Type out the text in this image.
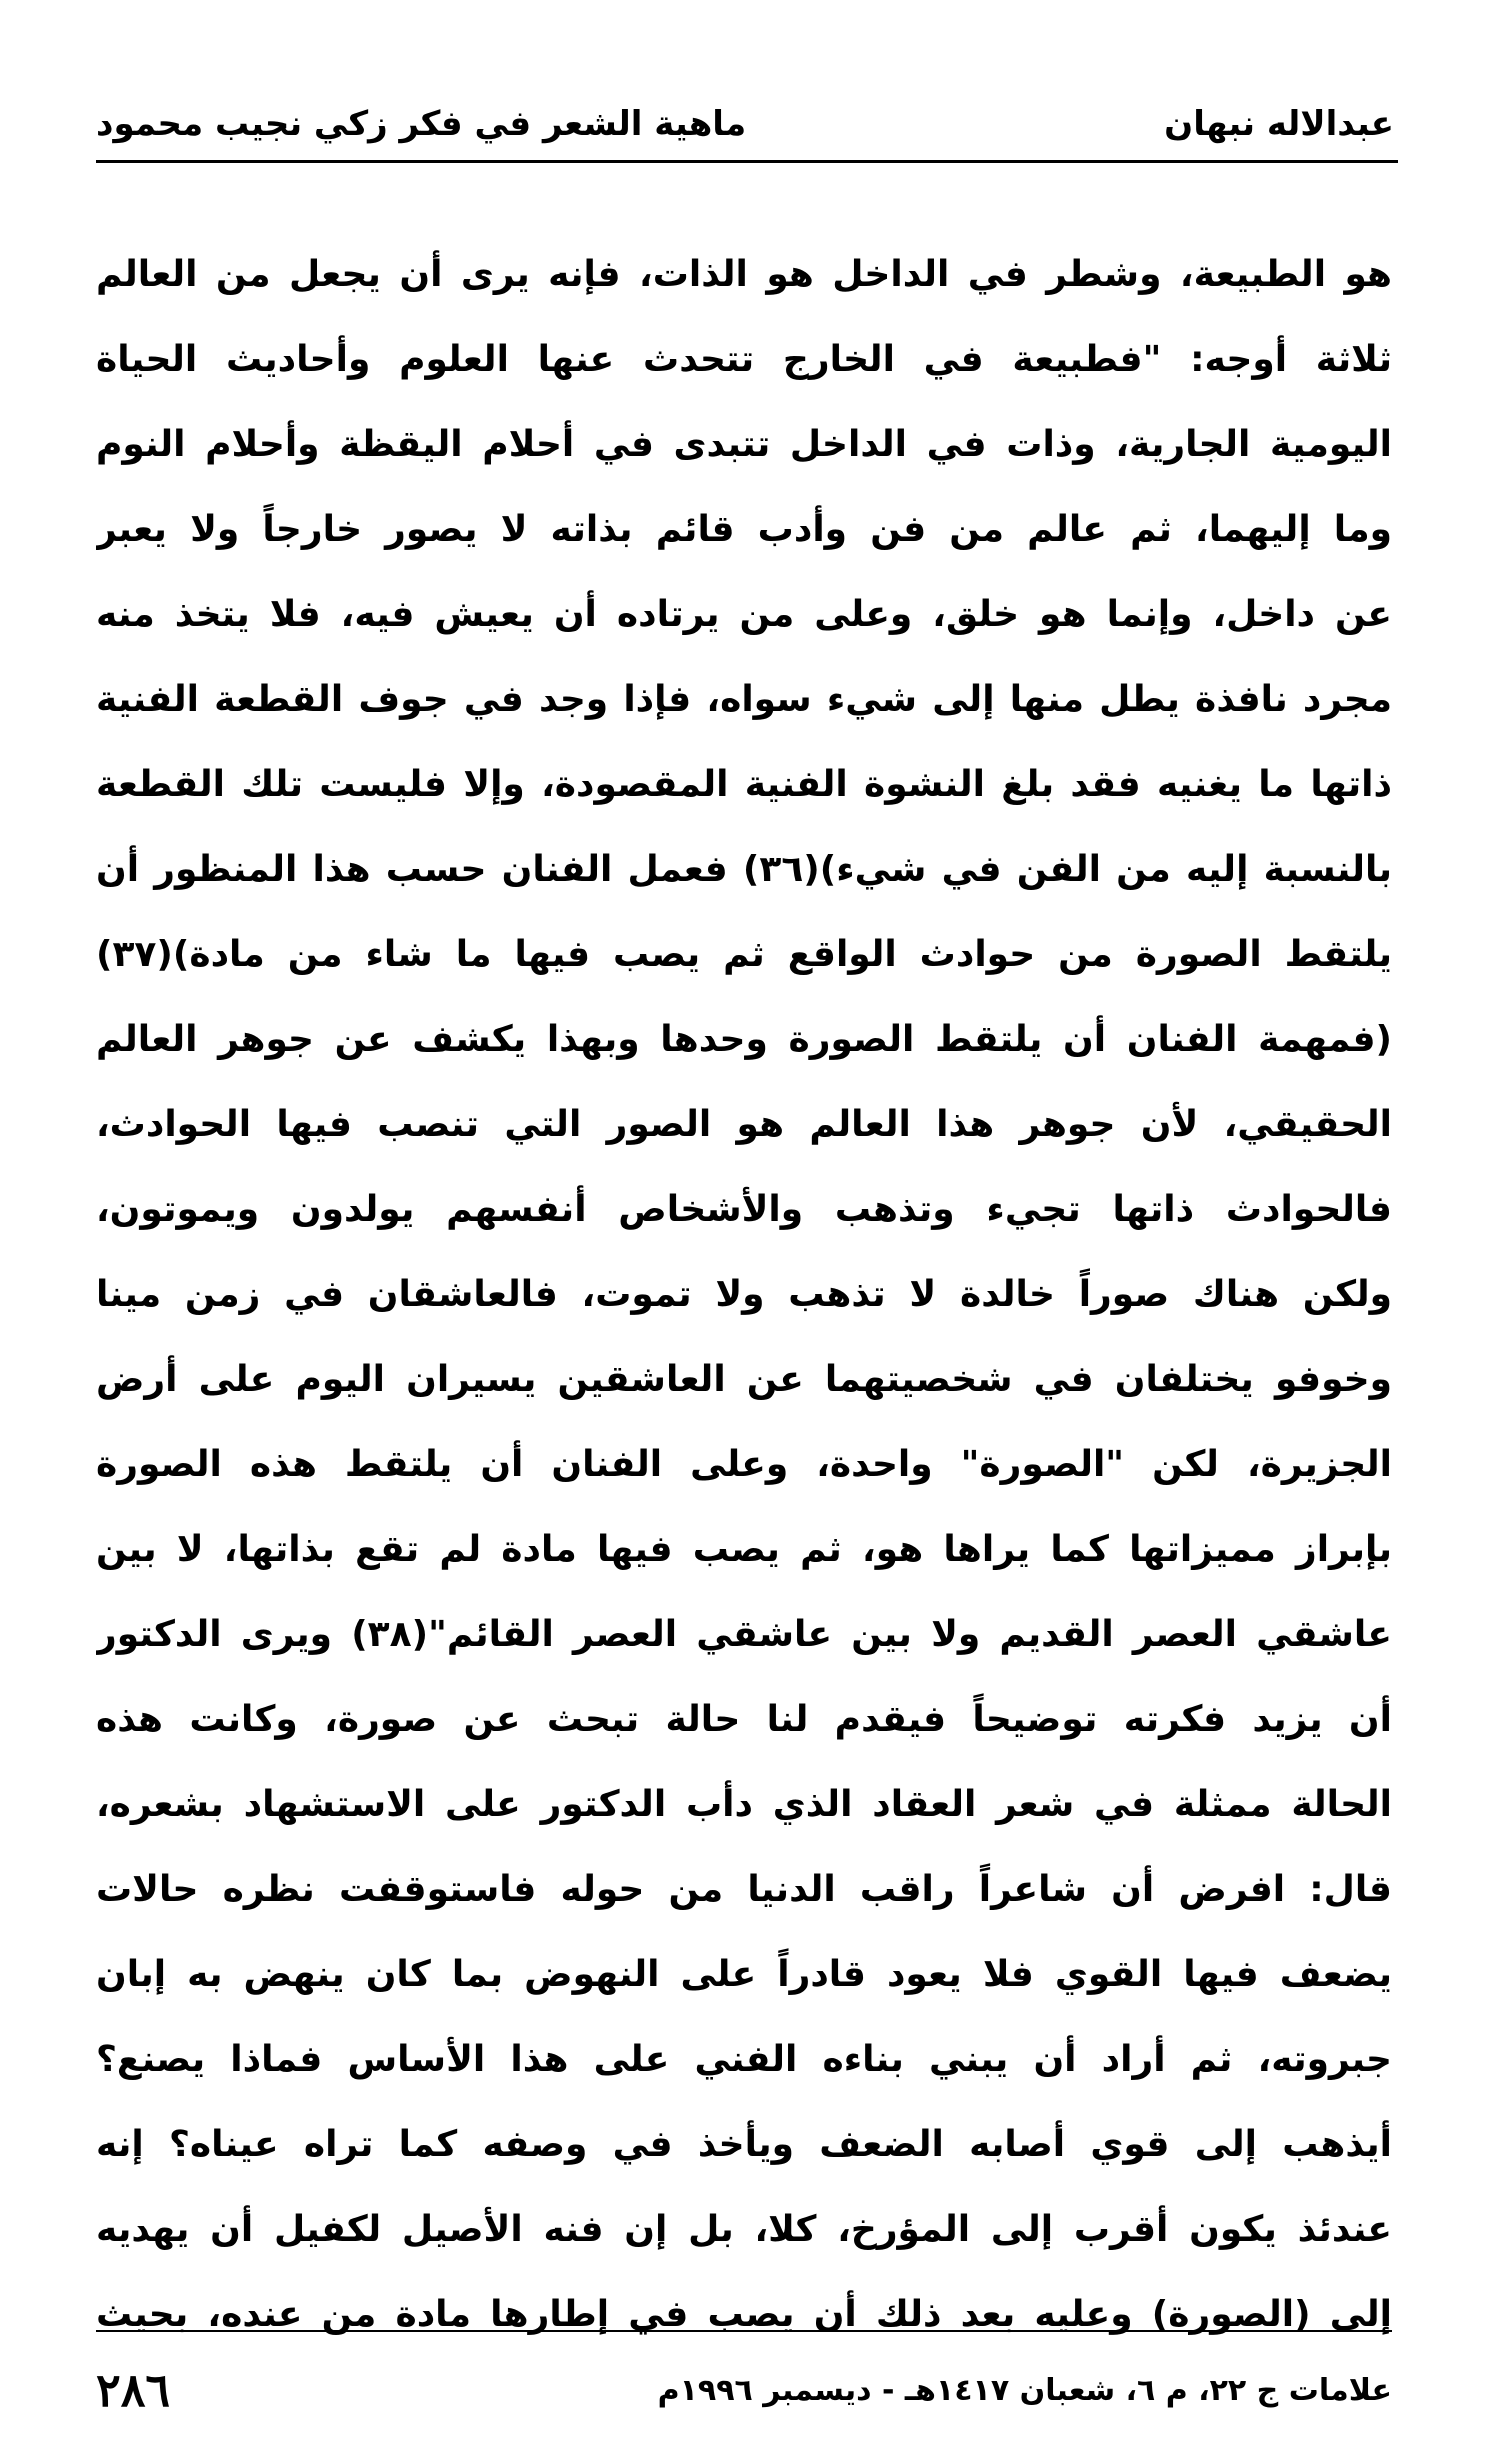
ماهية الشعر في فكر زكي نجيب محمود	عبدالاله نبهان
هو الطبيعة، وشطر في الداخل هو الذات، فإنه يرى أن يجعل من العالم
ثلاثة أوجه: "فطبيعة في الخارج تتحدث عنها العلوم وأحاديث الحياة
اليومية الجارية، وذات في الداخل تتبدى في أحلام اليقظة وأحلام النوم
وما إليهما، ثم عالم من فن وأدب قائم بذاته لا يصور خارجاً ولا يعبر
عن داخل، وإنما هو خلق، وعلى من يرتاده أن يعيش فيه، فلا يتخذ منه
مجرد نافذة يطل منها إلى شيء سواه، فإذا وجد في جوف القطعة الفنية
ذاتها ما يغنيه فقد بلغ النشوة الفنية المقصودة، وإلا فليست تلك القطعة
بالنسبة إليه من الفن في شيء)(٣٦) فعمل الفنان حسب هذا المنظور أن
يلتقط الصورة من حوادث الواقع ثم يصب فيها ما شاء من مادة)(٣٧)
(فمهمة الفنان أن يلتقط الصورة وحدها وبهذا يكشف عن جوهر العالم
الحقيقي، لأن جوهر هذا العالم هو الصور التي تنصب فيها الحوادث،
فالحوادث ذاتها تجيء وتذهب والأشخاص أنفسهم يولدون ويموتون،
ولكن هناك صوراً خالدة لا تذهب ولا تموت، فالعاشقان في زمن مينا
وخوفو يختلفان في شخصيتهما عن العاشقين يسيران اليوم على أرض
الجزيرة، لكن "الصورة" واحدة، وعلى الفنان أن يلتقط هذه الصورة
بإبراز مميزاتها كما يراها هو، ثم يصب فيها مادة لم تقع بذاتها، لا بين
عاشقي العصر القديم ولا بين عاشقي العصر القائم"(٣٨) ويرى الدكتور
أن يزيد فكرته توضيحاً فيقدم لنا حالة تبحث عن صورة، وكانت هذه
الحالة ممثلة في شعر العقاد الذي دأب الدكتور على الاستشهاد بشعره،
قال: افرض أن شاعراً راقب الدنيا من حوله فاستوقفت نظره حالات
يضعف فيها القوي فلا يعود قادراً على النهوض بما كان ينهض به إبان
جبروته، ثم أراد أن يبني بناءه الفني على هذا الأساس فماذا يصنع؟
أيذهب إلى قوي أصابه الضعف ويأخذ في وصفه كما تراه عيناه؟ إنه
عندئذ يكون أقرب إلى المؤرخ، كلا، بل إن فنه الأصيل لكفيل أن يهديه
إلى (الصورة) وعليه بعد ذلك أن يصب في إطارها مادة من عنده، بحيث
٢٨٦	علامات ج ٢٢، م ٦، شعبان ١٤١٧هـ - ديسمبر ١٩٩٦م
